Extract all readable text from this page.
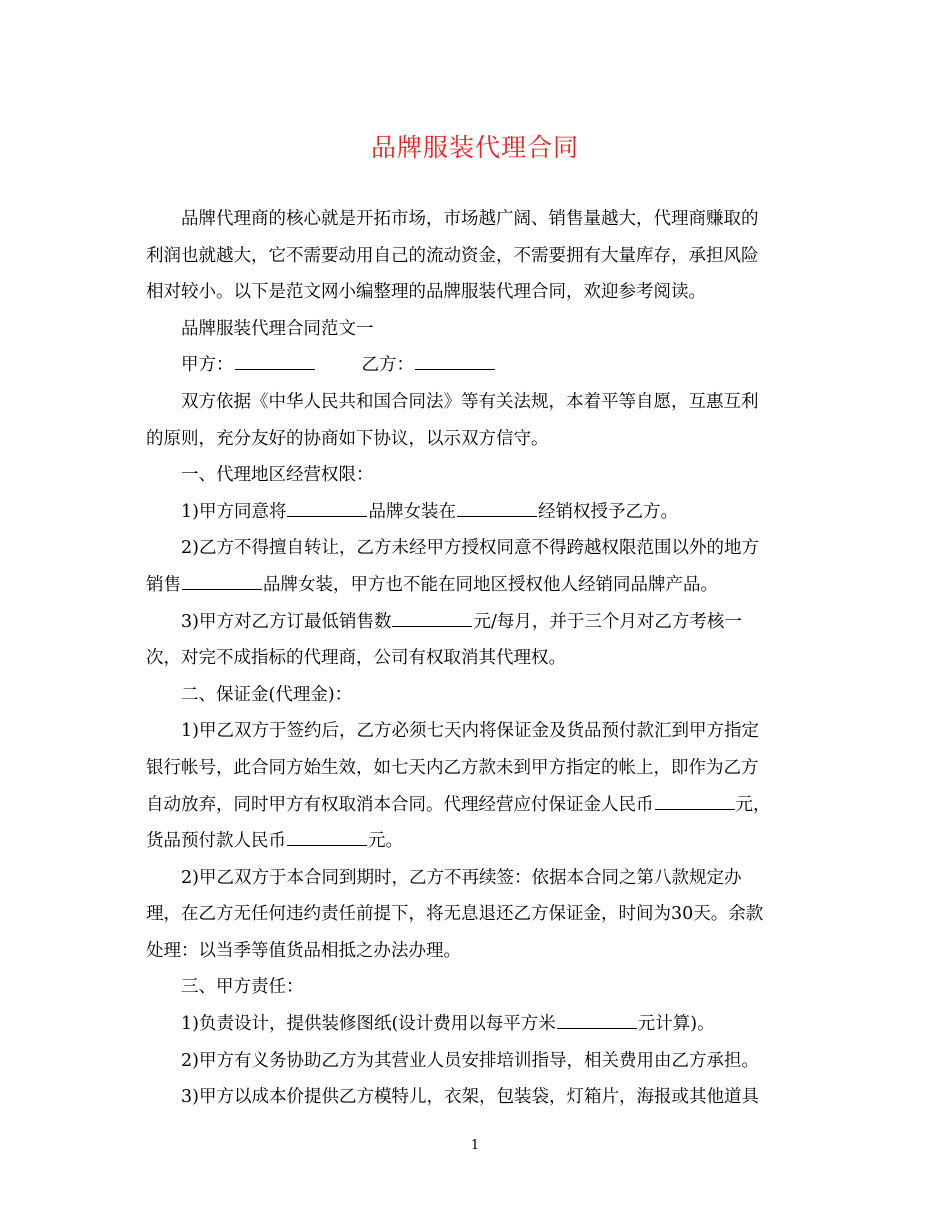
品牌服装代理合同

品牌代理商的核心就是开拓市场，市场越广阔、销售量越大，代理商赚取的

利润也就越大，它不需要动用自己的流动资金，不需要拥有大量库存，承担风险

相对较小。以下是范文网小编整理的品牌服装代理合同，欢迎参考阅读。

品牌服装代理合同范文一

甲方：	乙方：

双方依据《中华人民共和国合同法》等有关法规，本着平等自愿，互惠互利

的原则，充分友好的协商如下协议，以示双方信守。

一、代理地区经营权限：

1)甲方同意将	品牌女装在	经销权授予乙方。

2)乙方不得擅自转让，乙方未经甲方授权同意不得跨越权限范围以外的地方

销售	品牌女装，甲方也不能在同地区授权他人经销同品牌产品。

3)甲方对乙方订最低销售数	元/每月，并于三个月对乙方考核一

次，对完不成指标的代理商，公司有权取消其代理权。

二、保证金(代理金)：

1)甲乙双方于签约后，乙方必须七天内将保证金及货品预付款汇到甲方指定

银行帐号，此合同方始生效，如七天内乙方款未到甲方指定的帐上，即作为乙方

自动放弃，同时甲方有权取消本合同。代理经营应付保证金人民币	元，

货品预付款人民币	元。

2)甲乙双方于本合同到期时，乙方不再续签：依据本合同之第八款规定办

理，在乙方无任何违约责任前提下，将无息退还乙方保证金，时间为30天。余款

处理：以当季等值货品相抵之办法办理。

三、甲方责任：

1)负责设计，提供装修图纸(设计费用以每平方米	元计算)。

2)甲方有义务协助乙方为其营业人员安排培训指导，相关费用由乙方承担。

3)甲方以成本价提供乙方模特儿，衣架，包装袋，灯箱片，海报或其他道具

1
